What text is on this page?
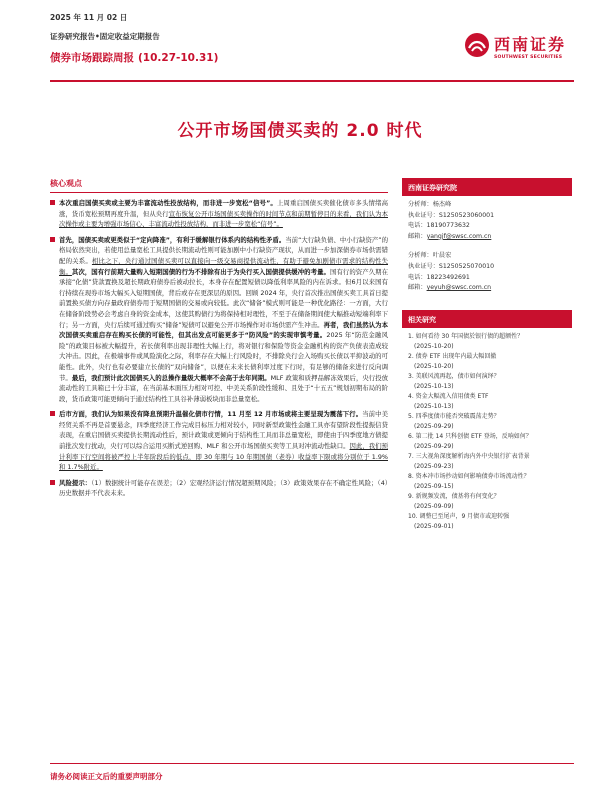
2025 年 11 月 02 日
证券研究报告•固定收益定期报告
债券市场跟踪周报 (10.27-10.31)
西南证券
SOUTHWEST SECURITIES
公开市场国债买卖的 2.0 时代
核心观点
本次重启国债买卖或主要为丰富流动性投放结构，而非进一步宽松“信号”。上周重启国债买卖催化债市多头情绪高涨，货币宽松预期再度升温，但从央行宣布恢复公开市场国债买卖操作的时间节点和前期暂停目的来看，我们认为本次操作或主要为增强市场信心、丰富流动性投放结构，而非进一步宽松“信号”。
首先，国债买卖或更类似于“定向降准”，有利于缓解银行体系内的结构性矛盾。当前“大行缺负债、中小行缺资产”的格局依然突出，若使用总量宽松工具提供长期流动性则可能加剧中小行缺资产现状，从而进一步加深债券市场供需错配的关系。相比之下，央行通过国债买卖可以直接向一级交易商提供流动性，有助于避免加剧债市需求的结构性失衡。其次，国有行前期大量购入短期国债的行为不排除有出于为央行买入国债提供缓冲的考量。国有行的资产久期在承接“化债”贷款置换及超长期政府债券后被动拉长，本身存在配置短债以降低利率风险的内在诉求。但6月以来国有行持续在现券市场大幅买入短期国债，背后或存在更深层的原因。回顾 2024 年，央行首次推出国债买卖工具首日提前置换买债方向存量政府债券用于短期国债的交易或向较低。此次“储备”模式则可能是一种优化路径：一方面，大行在储备阶段势必会考虑自身的资金成本，这使其购债行为将保持相对理性，不至于在储备期间使大幅推动短端利率下行；另一方面，央行后续可通过购买“储备”短债可以避免公开市场操作对市场供需产生冲击。再者，我们虽然认为本次国债买卖重启存在购买长债的可能性，但其出发点可能更多于“防风险”的实现审慎考量。2025 年“防范金融风险”的政策目标被大幅提升，若长债利率出现非理性大幅上行，将对银行和保险等资金金融机构的资产负债表造成较大冲击。因此，在极端事件或风险演化之际，利率存在大幅上行风险时，不排除央行会入场购买长债以平抑波动的可能性。此外，央行也有必要建立长债的“双向储备”，以便在未来长债利率过度下行时，有足够的储备来进行反向调节。最后，我们预计此次国债买入的总操作量级大概率不会高于去年同期。MLF 政策和质押品解冻效果后，央行投放流动性的工具箱已十分丰富，在当前基本面压力相对可控、中美关系阶段性缓和、且处于“十五五”规划初期布局的阶段，货币政策可能更倾向于通过结构性工具谷补薄弱板块而非总量宽松。
后市方面，我们认为如果没有降息预期升温催化债市行情，11 月至 12 月市场或将主要呈现为震荡下行。当前中美经贸关系不再是首要悬念，四季度经济工作完成目标压力相对较小，同时新型政策性金融工具亦有望阶段性提振信贷表现，在重启国债买卖提供长期流动性后，预计政策或更倾向于结构性工具而非总量宽松，即使由于四季度地方债提前批次发行扰动，央行可以综合运用买断式逆回购、MLF 和公开市场国债买卖等工具对冲流动性缺口。因此，我们预计利率下行空间将被严控上半年阶段后的低点，即 30 年期与 10 年期国债（老券）收益率下限或将分别位于 1.9%和 1.7%附近。
风险提示：（1）数据统计可能存在误差；（2）宏观经济运行情况超预期风险；（3）政策效果存在不确定性风险；（4）历史数据并不代表未来。
西南证券研究院
分析师：杨杰峰
执业证号：S1250523060001
电话：18190773632
邮箱：yangjf@swsc.com.cn
分析师：叶晨宏
执业证号：S1250525070010
电话：18223492691
邮箱：yeyuh@swsc.com.cn
相关研究
1. 如何看待 30 年国债於银行债的超额性？
(2025-10-20)
2. 债券 ETF 出现年内最大幅回撤
(2025-10-20)
3. 美联风流再起，债市如何演绎？
(2025-10-13)
4. 资金大幅流入信用债类 ETF
(2025-10-13)
5. 四季度债市能否突破震荡走势？
(2025-09-29)
6. 第二批 14 只科创债 ETF 登场，反响如何？
(2025-09-29)
7. 三大视角深度解析海内外中央银行扩表背景
(2025-09-23)
8. 资本冲市场抄动如何影响债券市场流动性？
(2025-09-15)
9. 新规频发流，债基将有何变化？
(2025-09-09)
10. 调整已至尾声，9 月债市或迎转强
(2025-09-01)
请务必阅读正文后的重要声明部分
